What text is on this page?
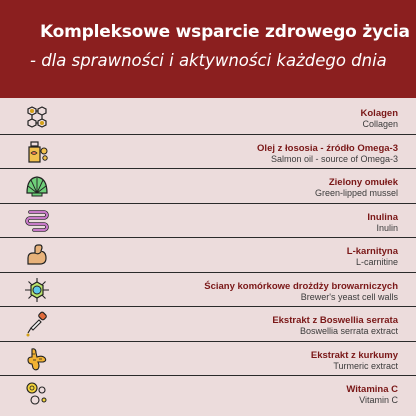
Kompleksowe wsparcie zdrowego życia
- dla sprawności i aktywności każdego dnia
Kolagen
Collagen
Olej z łososia - źródło Omega-3
Salmon oil - source of Omega-3
Zielony omułek
Green-lipped mussel
Inulina
Inulin
L-karnityna
L-carnitine
Ściany komórkowe drożdży browarniczych
Brewer's yeast cell walls
Ekstrakt z Boswellia serrata
Boswellia serrata extract
Ekstrakt z kurkumy
Turmeric extract
Witamina C
Vitamin C
